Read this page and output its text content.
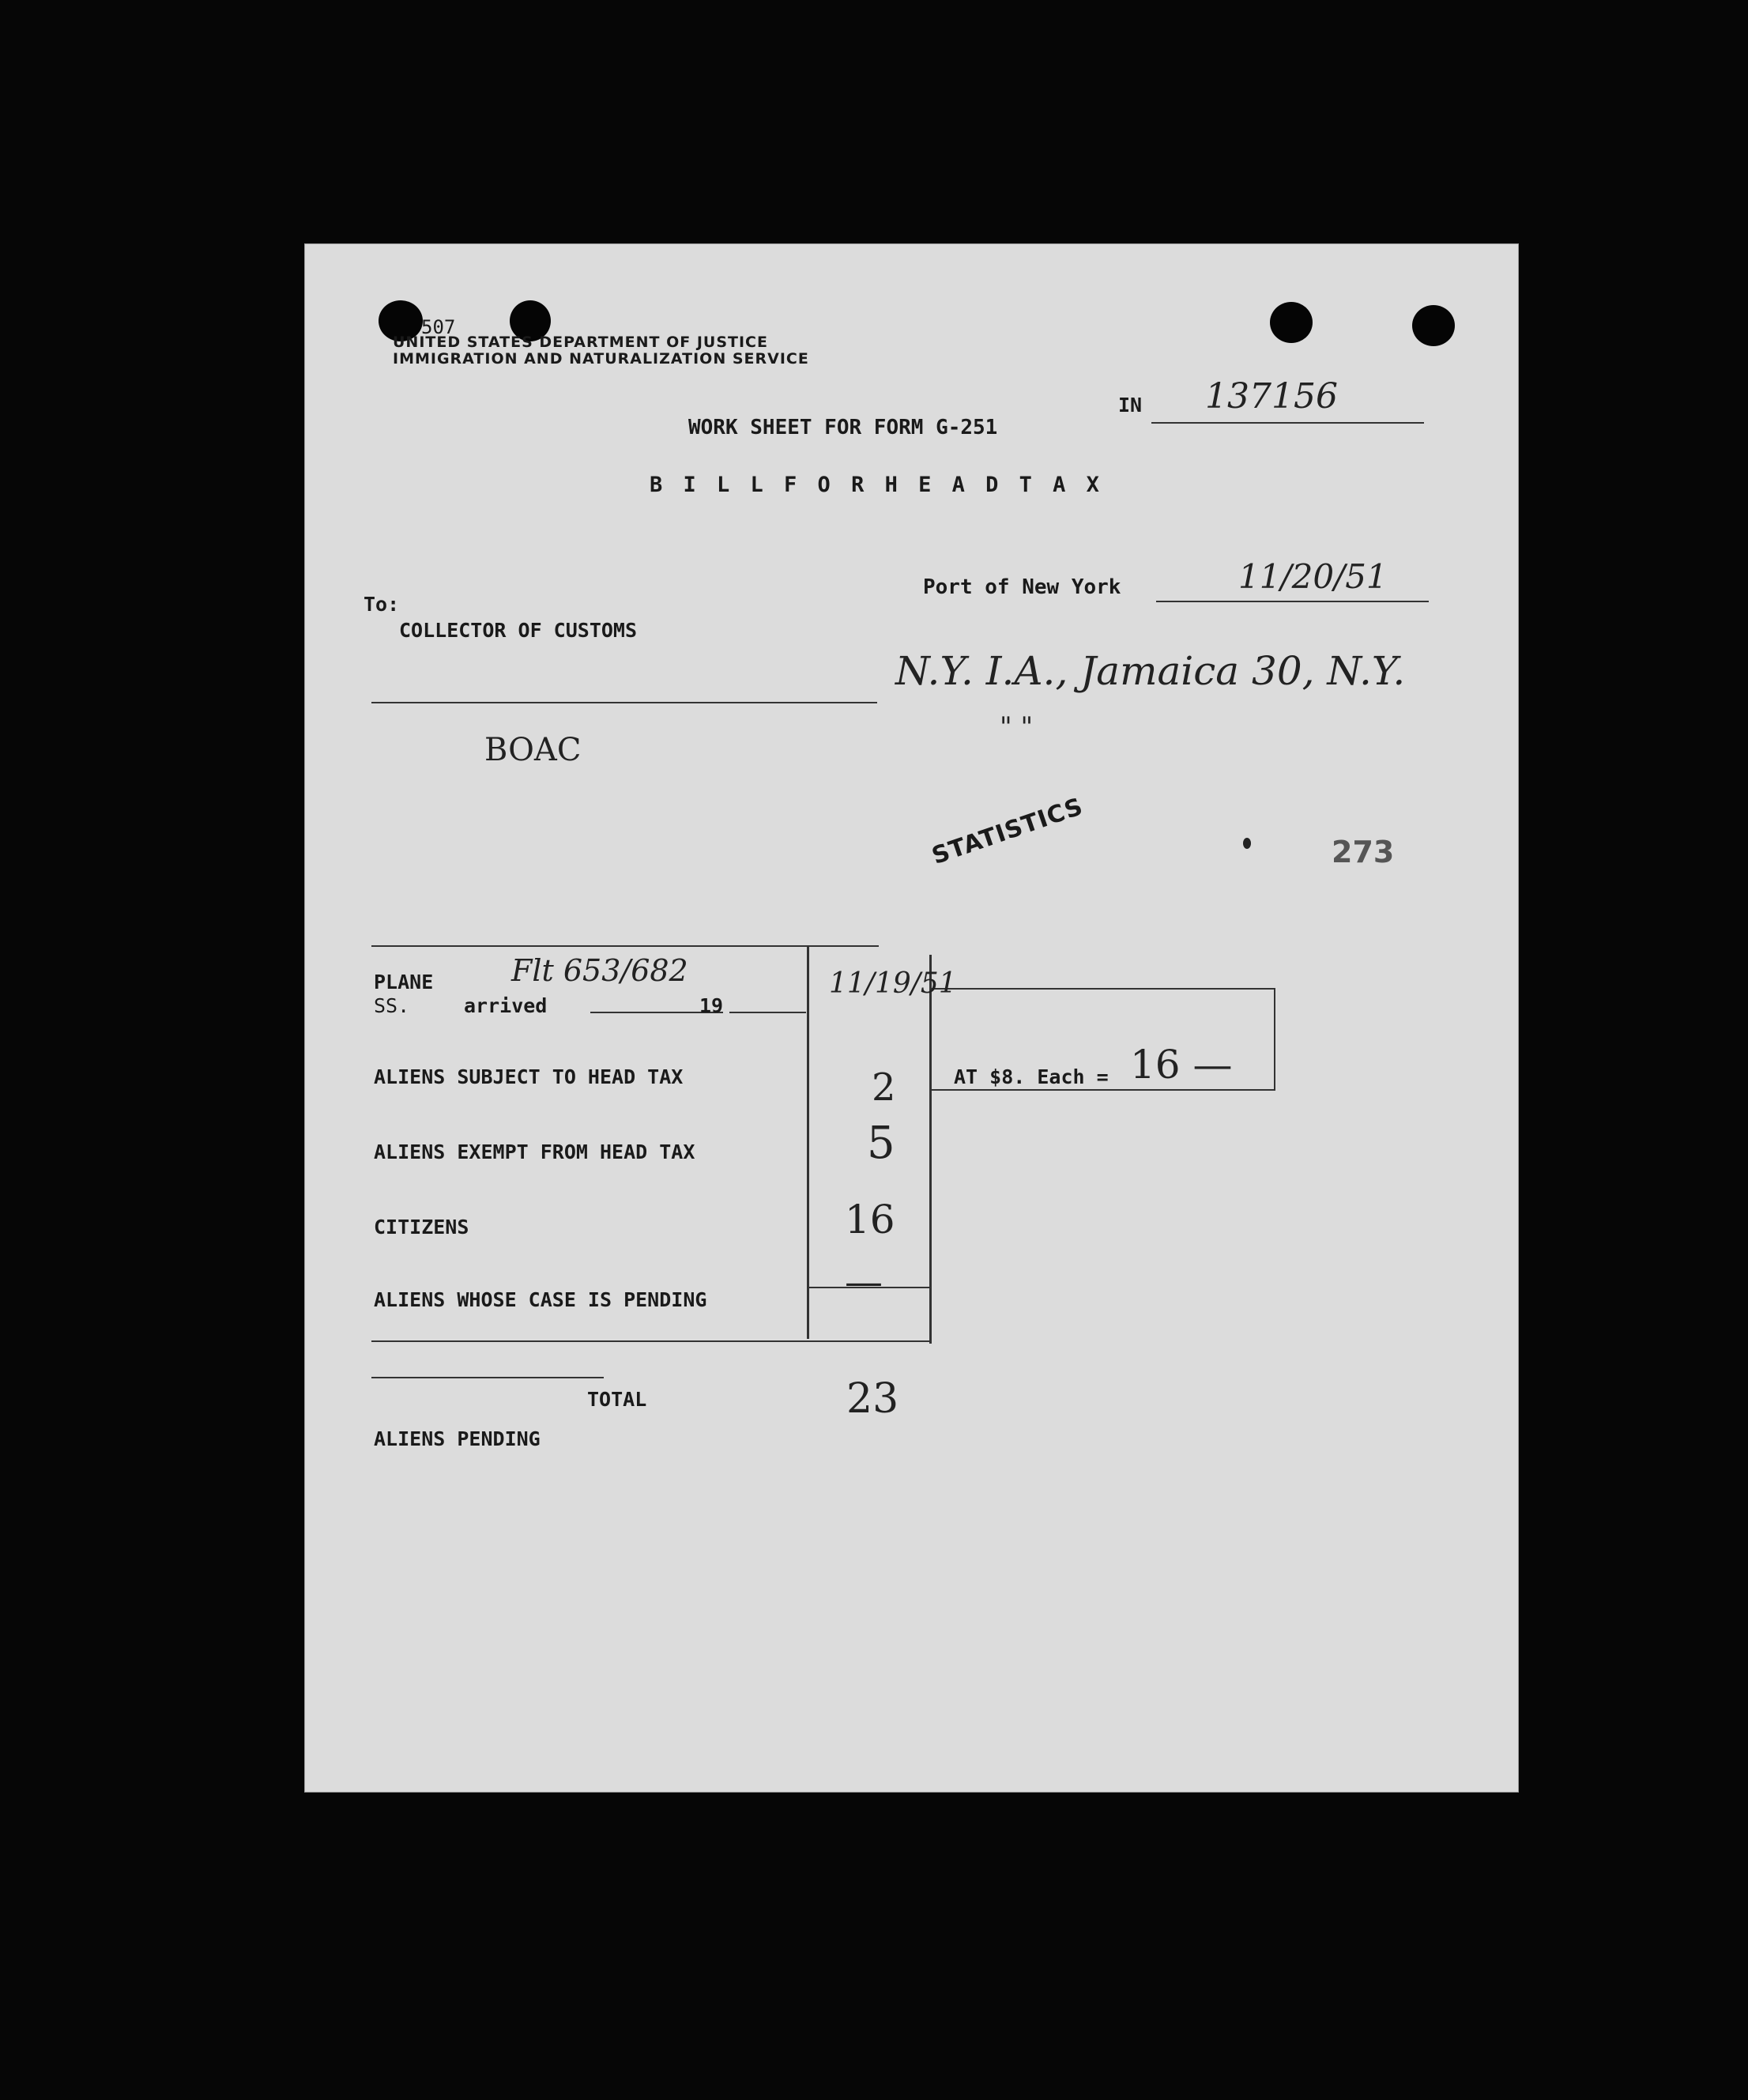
507
UNITED STATES DEPARTMENT OF JUSTICE
IMMIGRATION AND NATURALIZATION SERVICE
IN 137156
WORK SHEET FOR FORM G-251
B I L L F O R H E A D T A X
Port of New York	11/20/51
To:
COLLECTOR OF CUSTOMS
N.Y. I.A., Jamaica 30, N.Y.
" "
BOAC
STATISTICS	273
PLANE	Flt 653/682	11/19/51
SS.	arrived	19
ALIENS SUBJECT TO HEAD TAX	2	AT $8. Each = 16 —
ALIENS EXEMPT FROM HEAD TAX	5
CITIZENS	16
ALIENS WHOSE CASE IS PENDING	—
TOTAL	23
ALIENS PENDING
